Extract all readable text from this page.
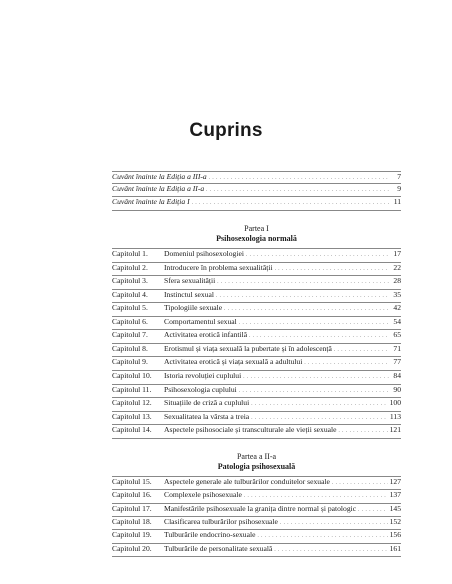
Cuprins
Cuvânt înainte la Ediția a III-a . . .	7
Cuvânt înainte la Ediția a II-a . . .	9
Cuvânt înainte la Ediția I . . .	11
Partea I
Psihosexologia normală
Capitolul 1.	Domeniul psihosexologiei . . .	17
Capitolul 2.	Introducere în problema sexualității . . .	22
Capitolul 3.	Sfera sexualității . . .	28
Capitolul 4.	Instinctul sexual . . .	35
Capitolul 5.	Tipologiile sexuale . . .	42
Capitolul 6.	Comportamentul sexual . . .	54
Capitolul 7.	Activitatea erotică infantilă . . .	65
Capitolul 8.	Erotismul și viața sexuală la pubertate și în adolescență . . .	71
Capitolul 9.	Activitatea erotică și viața sexuală a adultului . . .	77
Capitolul 10.	Istoria revoluției cuplului . . .	84
Capitolul 11.	Psihosexologia cuplului . . .	90
Capitolul 12.	Situațiile de criză a cuplului . . .	100
Capitolul 13.	Sexualitatea la vârsta a treia . . .	113
Capitolul 14.	Aspectele psihosociale și transculturale ale vieții sexuale . . .	121
Partea a II-a
Patologia psihosexuală
Capitolul 15.	Aspectele generale ale tulburărilor conduitelor sexuale . . .	127
Capitolul 16.	Complexele psihosexuale . . .	137
Capitolul 17.	Manifestările psihosexuale la granița dintre normal și patologic . . .	145
Capitolul 18.	Clasificarea tulburărilor psihosexuale . . .	152
Capitolul 19.	Tulburările endocrino-sexuale . . .	156
Capitolul 20.	Tulburările de personalitate sexuală . . .	161
